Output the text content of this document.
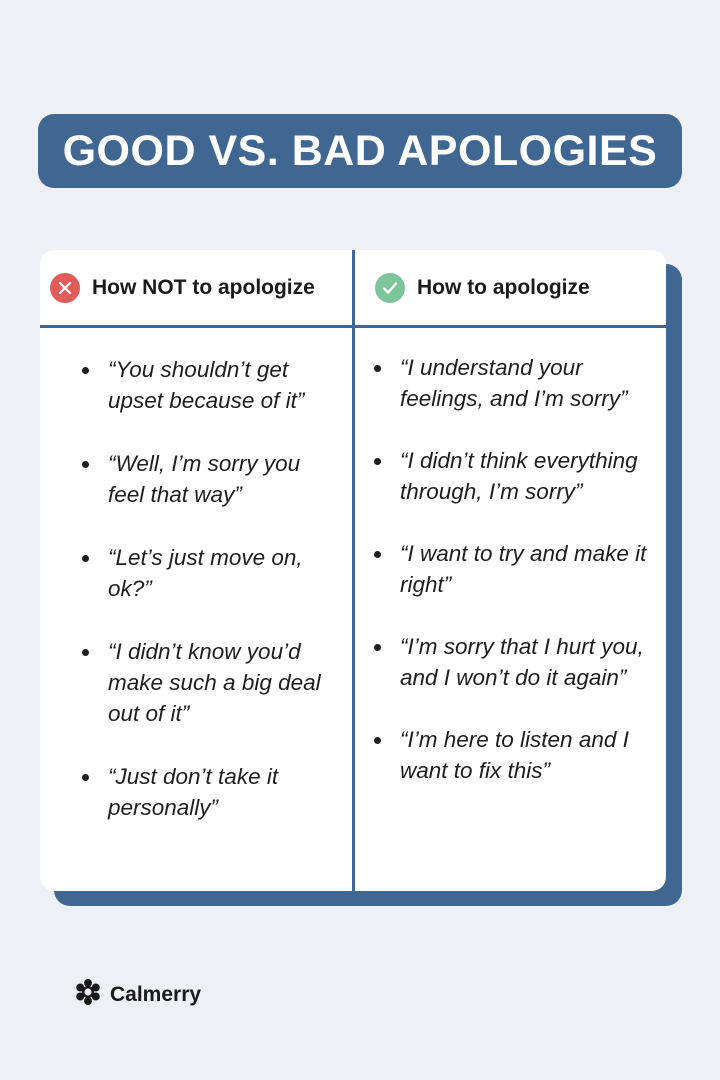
GOOD VS. BAD APOLOGIES
How NOT to apologize	How to apologize
“You shouldn’t get upset because of it”
“Well, I’m sorry you feel that way”
“Let’s just move on, ok?”
“I didn’t know you’d make such a big deal out of it”
“Just don’t take it personally”
“I understand your feelings, and I’m sorry”
“I didn’t think everything through, I’m sorry”
“I want to try and make it right”
“I’m sorry that I hurt you, and I won’t do it again”
“I’m here to listen and I want to fix this”
Calmerry
